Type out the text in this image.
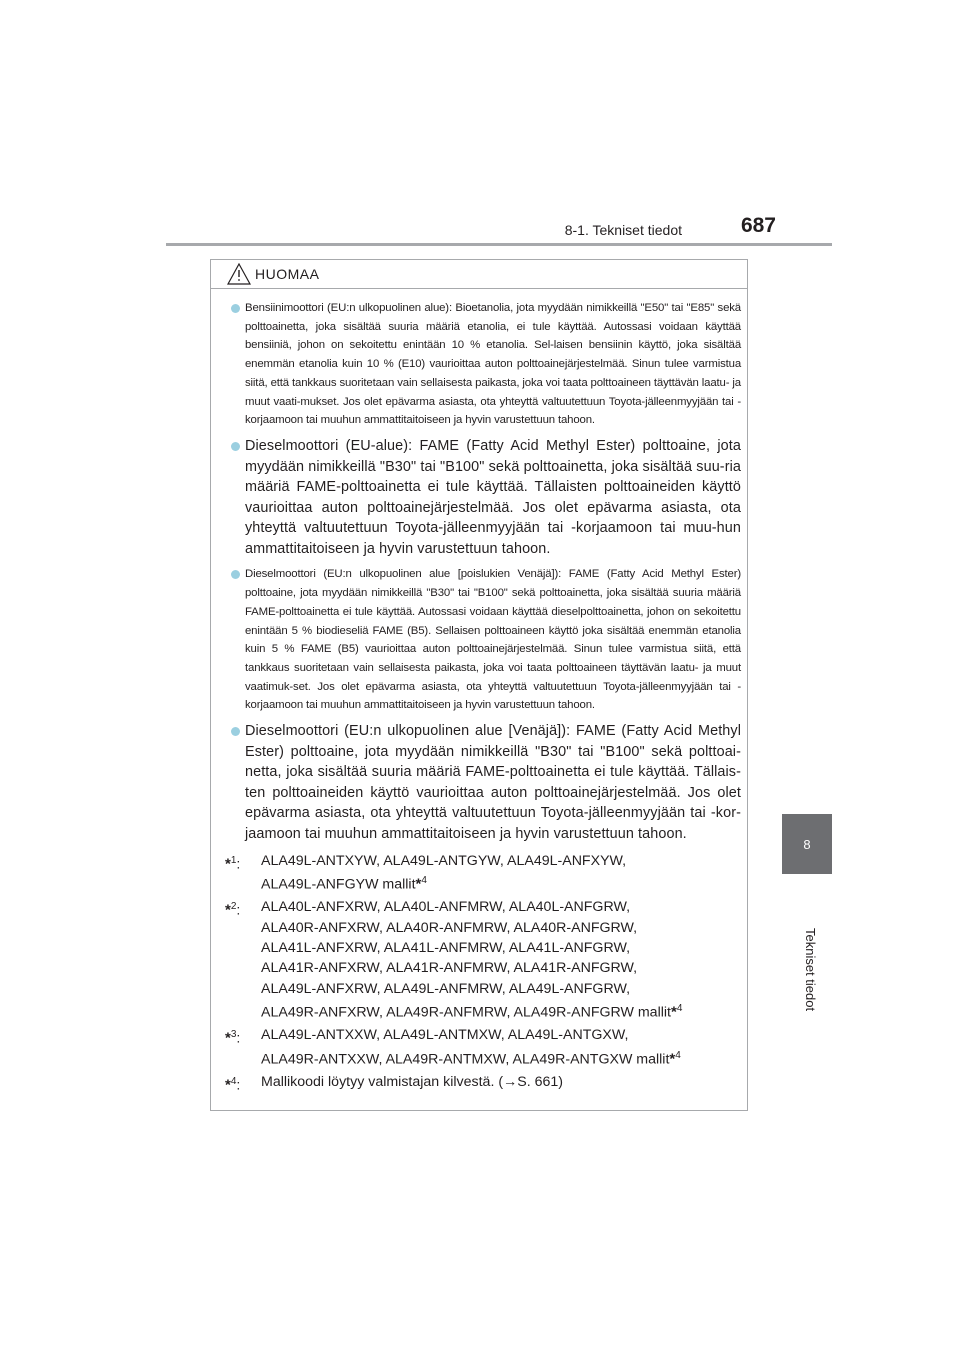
8-1. Tekniset tiedot	687
8
Tekniset tiedot
HUOMAA
Bensiinimoottori (EU:n ulkopuolinen alue): Bioetanolia, jota myydään nimikkeillä "E50" tai "E85" sekä polttoainetta, joka sisältää suuria määriä etanolia, ei tule käyttää. Autossasi voidaan käyttää bensiiniä, johon on sekoitettu enintään 10 % etanolia. Sel-laisen bensiinin käyttö, joka sisältää enemmän etanolia kuin 10 % (E10) vaurioittaa auton polttoainejärjestelmää. Sinun tulee varmistua siitä, että tankkaus suoritetaan vain sellaisesta paikasta, joka voi taata polttoaineen täyttävän laatu- ja muut vaati-mukset. Jos olet epävarma asiasta, ota yhteyttä valtuutettuun Toyota-jälleenmyyjään tai -korjaamoon tai muuhun ammattitaitoiseen ja hyvin varustettuun tahoon.
Dieselmoottori (EU-alue): FAME (Fatty Acid Methyl Ester) polttoaine, jota myydään nimikkeillä "B30" tai "B100" sekä polttoainetta, joka sisältää suu-ria määriä FAME-polttoainetta ei tule käyttää. Tällaisten polttoaineiden käyttö vaurioittaa auton polttoainejärjestelmää. Jos olet epävarma asiasta, ota yhteyttä valtuutettuun Toyota-jälleenmyyjään tai -korjaamoon tai muu-hun ammattitaitoiseen ja hyvin varustettuun tahoon.
Dieselmoottori (EU:n ulkopuolinen alue [poislukien Venäjä]): FAME (Fatty Acid Methyl Ester) polttoaine, jota myydään nimikkeillä "B30" tai "B100" sekä polttoainetta, joka sisältää suuria määriä FAME-polttoainetta ei tule käyttää. Autossasi voidaan käyttää dieselpolttoainetta, johon on sekoitettu enintään 5 % biodieseliä FAME (B5). Sellaisen polttoaineen käyttö joka sisältää enemmän etanolia kuin 5 % FAME (B5) vaurioittaa auton polttoainejärjestelmää. Sinun tulee varmistua siitä, että tankkaus suoritetaan vain sellaisesta paikasta, joka voi taata polttoaineen täyttävän laatu- ja muut vaatimuk-set. Jos olet epävarma asiasta, ota yhteyttä valtuutettuun Toyota-jälleenmyyjään tai -korjaamoon tai muuhun ammattitaitoiseen ja hyvin varustettuun tahoon.
Dieselmoottori (EU:n ulkopuolinen alue [Venäjä]): FAME (Fatty Acid Methyl Ester) polttoaine, jota myydään nimikkeillä "B30" tai "B100" sekä polttoai-netta, joka sisältää suuria määriä FAME-polttoainetta ei tule käyttää. Tällais-ten polttoaineiden käyttö vaurioittaa auton polttoainejärjestelmää. Jos olet epävarma asiasta, ota yhteyttä valtuutettuun Toyota-jälleenmyyjään tai -kor-jaamoon tai muuhun ammattitaitoiseen ja hyvin varustettuun tahoon.
*$^1$:	ALA49L-ANTXYW, ALA49L-ANTGYW, ALA49L-ANFXYW,
ALA49L-ANFGYW mallit*$^4$
*$^2$:	ALA40L-ANFXRW, ALA40L-ANFMRW, ALA40L-ANFGRW,
ALA40R-ANFXRW, ALA40R-ANFMRW, ALA40R-ANFGRW,
ALA41L-ANFXRW, ALA41L-ANFMRW, ALA41L-ANFGRW,
ALA41R-ANFXRW, ALA41R-ANFMRW, ALA41R-ANFGRW,
ALA49L-ANFXRW, ALA49L-ANFMRW, ALA49L-ANFGRW,
ALA49R-ANFXRW, ALA49R-ANFMRW, ALA49R-ANFGRW mallit*$^4$
*$^3$:	ALA49L-ANTXXW, ALA49L-ANTMXW, ALA49L-ANTGXW,
ALA49R-ANTXXW, ALA49R-ANTMXW, ALA49R-ANTGXW mallit*$^4$
*$^4$:	Mallikoodi löytyy valmistajan kilvestä. (→S. 661)
